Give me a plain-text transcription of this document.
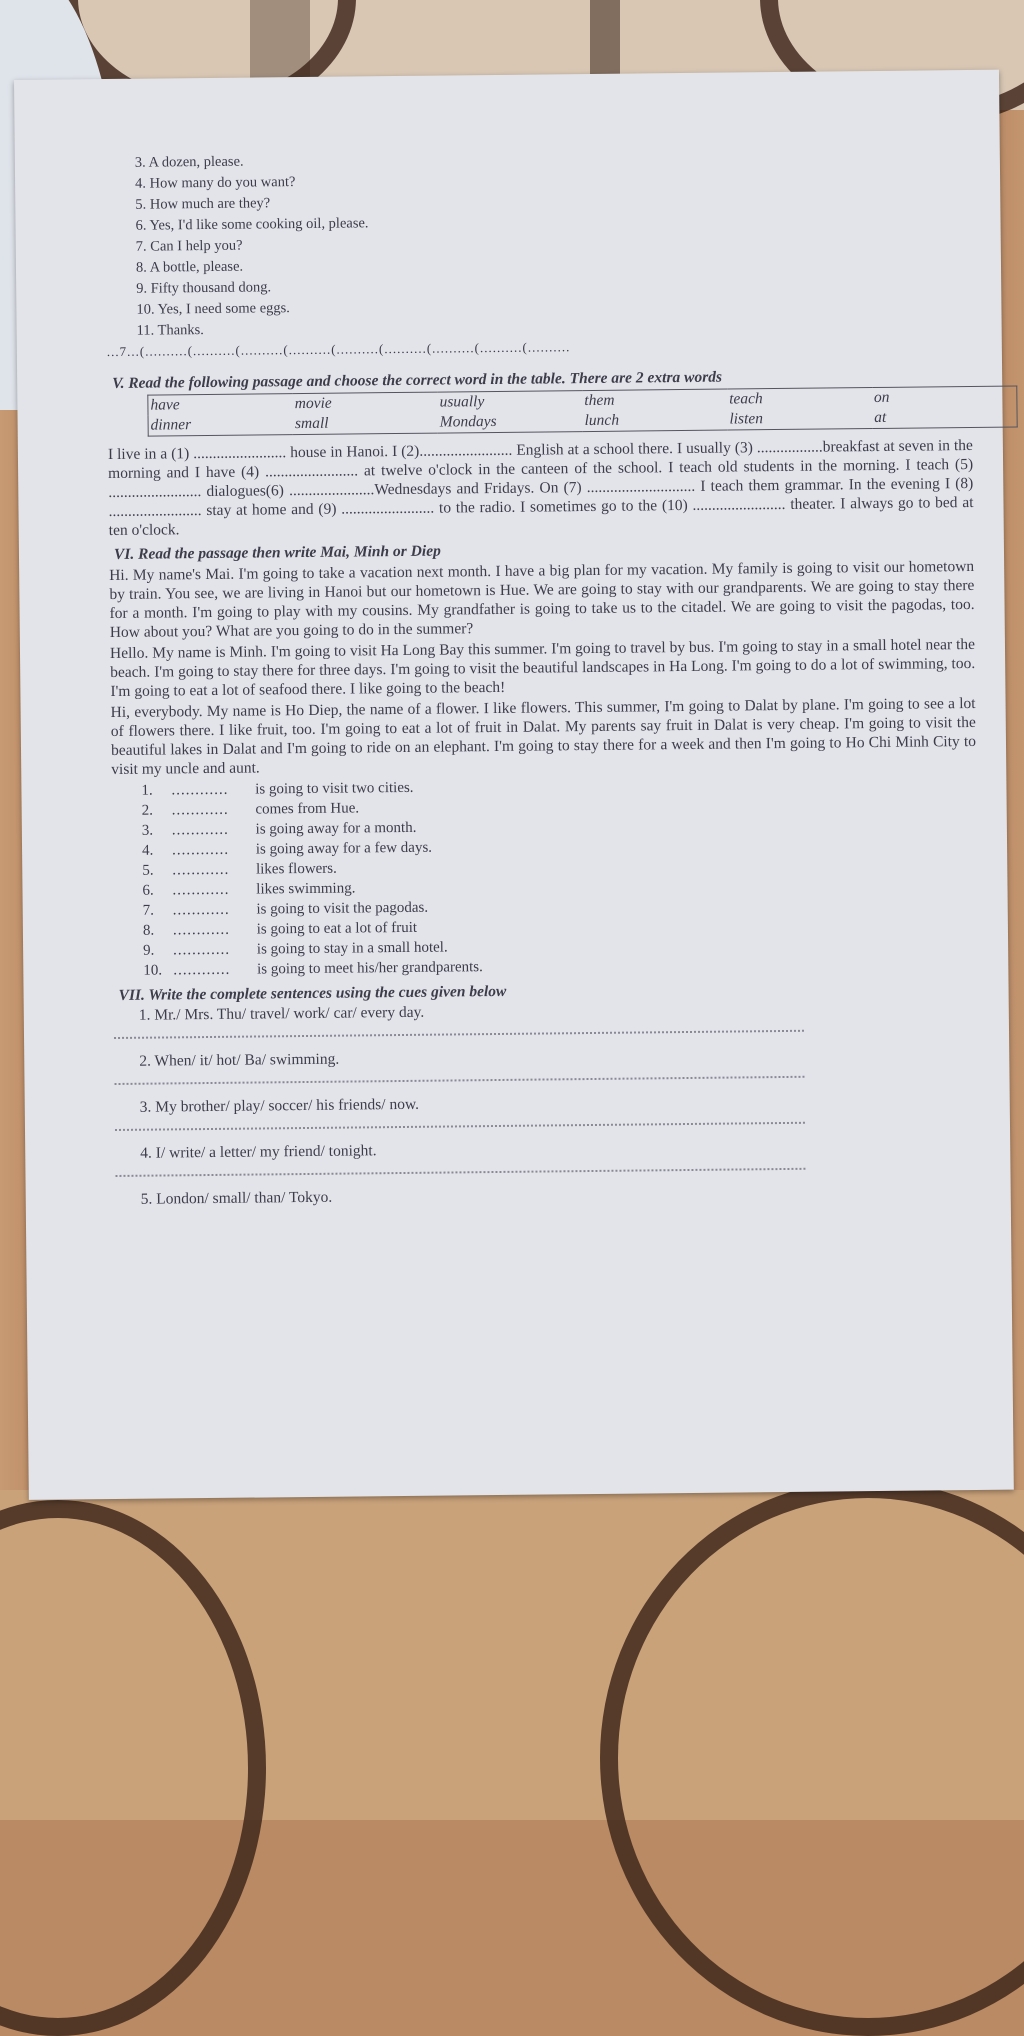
3. A dozen, please.
4. How many do you want?
5. How much are they?
6. Yes, I'd like some cooking oil, please.
7. Can I help you?
8. A bottle, please.
9. Fifty thousand dong.
10. Yes, I need some eggs.
11. Thanks.
...7...(..........(..........(..........(..........(..........(..........(..........(..........(..........
V. Read the following passage and choose the correct word in the table. There are 2 extra words
have	movie	usually	them	teach	on
dinner	small	Mondays	lunch	listen	at
I live in a (1) ........................ house in Hanoi. I (2)........................ English at a school there. I usually (3) .................breakfast at seven in the morning and I have (4) ........................ at twelve o'clock in the canteen of the school. I teach old students in the morning. I teach (5) ........................ dialogues(6) ......................Wednesdays and Fridays. On (7) ............................ I teach them grammar. In the evening I (8) ........................ stay at home and (9) ........................ to the radio. I sometimes go to the (10) ........................ theater. I always go to bed at ten o'clock.
VI. Read the passage then write Mai, Minh or Diep
Hi. My name's Mai. I'm going to take a vacation next month. I have a big plan for my vacation. My family is going to visit our hometown by train. You see, we are living in Hanoi but our hometown is Hue. We are going to stay with our grandparents. We are going to stay there for a month. I'm going to play with my cousins. My grandfather is going to take us to the citadel. We are going to visit the pagodas, too. How about you? What are you going to do in the summer?
Hello. My name is Minh. I'm going to visit Ha Long Bay this summer. I'm going to travel by bus. I'm going to stay in a small hotel near the beach. I'm going to stay there for three days. I'm going to visit the beautiful landscapes in Ha Long. I'm going to do a lot of swimming, too. I'm going to eat a lot of seafood there. I like going to the beach!
Hi, everybody. My name is Ho Diep, the name of a flower. I like flowers. This summer, I'm going to Dalat by plane. I'm going to see a lot of flowers there. I like fruit, too. I'm going to eat a lot of fruit in Dalat. My parents say fruit in Dalat is very cheap. I'm going to visit the beautiful lakes in Dalat and I'm going to ride on an elephant. I'm going to stay there for a week and then I'm going to Ho Chi Minh City to visit my uncle and aunt.
1. ............ is going to visit two cities.
2. ............ comes from Hue.
3. ............ is going away for a month.
4. ............ is going away for a few days.
5. ............ likes flowers.
6. ............ likes swimming.
7. ............ is going to visit the pagodas.
8. ............ is going to eat a lot of fruit
9. ............ is going to stay in a small hotel.
10. ............ is going to meet his/her grandparents.
VII. Write the complete sentences using the cues given below
1. Mr./ Mrs. Thu/ travel/ work/ car/ every day.
2. When/ it/ hot/ Ba/ swimming.
3. My brother/ play/ soccer/ his friends/ now.
4. I/ write/ a letter/ my friend/ tonight.
5. London/ small/ than/ Tokyo.
